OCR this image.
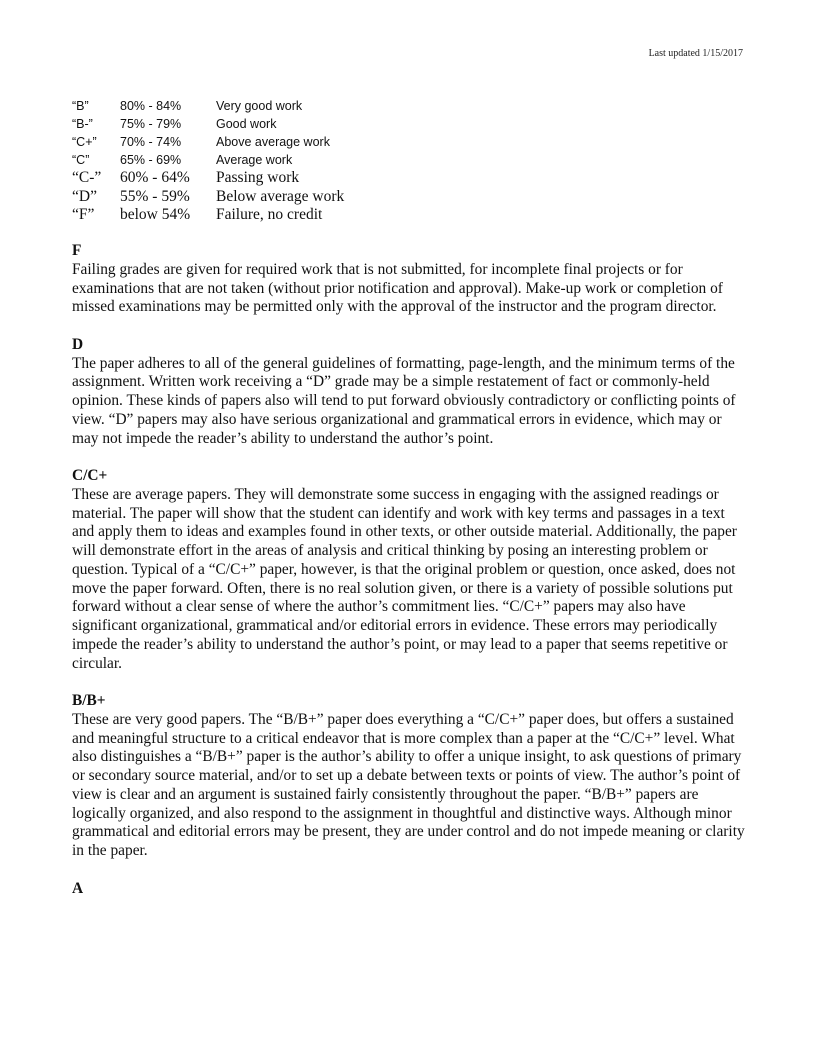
Last updated 1/15/2017
“B”	80% - 84%	Very good work
“B-”	75% - 79%	Good work
“C+”	70% - 74%	Above average work
“C”	65% - 69%	Average work
“C-”	60% - 64%	Passing work
“D”	55% - 59%	Below average work
“F”	below 54%	Failure, no credit
F

Failing grades are given for required work that is not submitted, for incomplete final projects or for examinations that are not taken (without prior notification and approval). Make-up work or completion of missed examinations may be permitted only with the approval of the instructor and the program director.

D

The paper adheres to all of the general guidelines of formatting, page-length, and the minimum terms of the assignment. Written work receiving a “D” grade may be a simple restatement of fact or commonly-held opinion. These kinds of papers also will tend to put forward obviously contradictory or conflicting points of view. “D” papers may also have serious organizational and grammatical errors in evidence, which may or may not impede the reader’s ability to understand the author’s point.

C/C+

These are average papers. They will demonstrate some success in engaging with the assigned readings or material. The paper will show that the student can identify and work with key terms and passages in a text and apply them to ideas and examples found in other texts, or other outside material. Additionally, the paper will demonstrate effort in the areas of analysis and critical thinking by posing an interesting problem or question. Typical of a “C/C+” paper, however, is that the original problem or question, once asked, does not move the paper forward. Often, there is no real solution given, or there is a variety of possible solutions put forward without a clear sense of where the author’s commitment lies. “C/C+” papers may also have significant organizational, grammatical and/or editorial errors in evidence. These errors may periodically impede the reader’s ability to understand the author’s point, or may lead to a paper that seems repetitive or circular.

B/B+

These are very good papers. The “B/B+” paper does everything a “C/C+” paper does, but offers a sustained and meaningful structure to a critical endeavor that is more complex than a paper at the “C/C+” level. What also distinguishes a “B/B+” paper is the author’s ability to offer a unique insight, to ask questions of primary or secondary source material, and/or to set up a debate between texts or points of view. The author’s point of view is clear and an argument is sustained fairly consistently throughout the paper. “B/B+” papers are logically organized, and also respond to the assignment in thoughtful and distinctive ways. Although minor grammatical and editorial errors may be present, they are under control and do not impede meaning or clarity in the paper.

A
